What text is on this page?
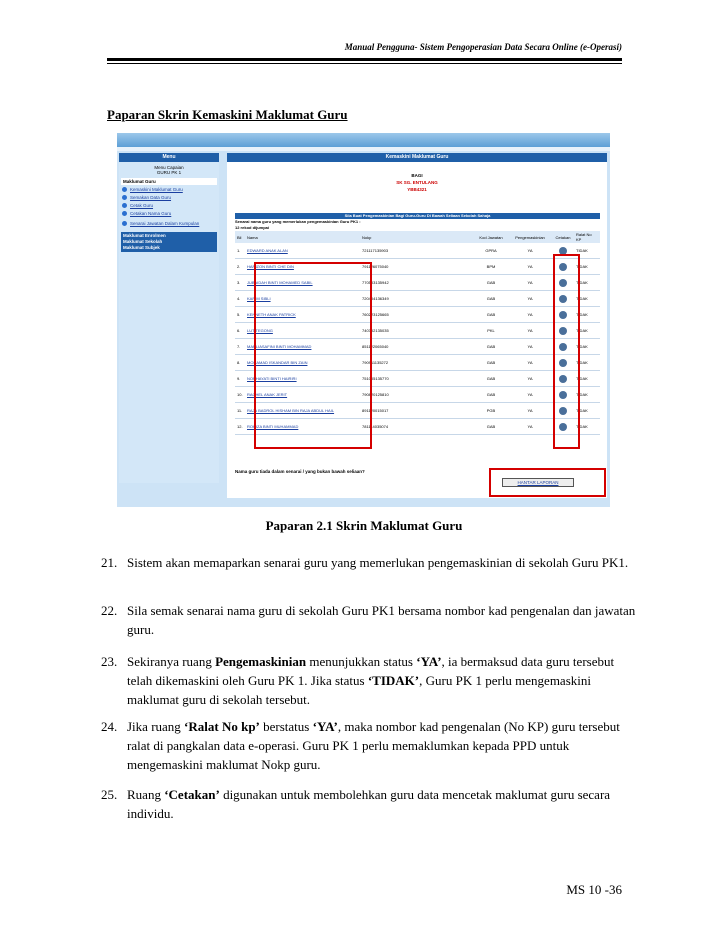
Manual Pengguna- Sistem Pengoperasian Data Secara Online (e-Operasi)
Paparan Skrin Kemaskini Maklumat Guru
Menu
Menu Capaian
GURU PK 1
Maklumat Guru
Kemaskini Maklumat Guru
Semakan Data Guru
Cetak Guru
Cetakan Nama Guru
Senarai Jawatan Dalam Kumpulan
Maklumat Enrolmen
Maklumat Sekolah
Maklumat Subjek
Kemaskini Maklumat Guru
BAGI
SK SG. ENTULANG
YBB4321
Sila Buat Pengemaskinian Bagi Guru-Guru Di Bawah Seliaan Sekolah Sahaja
Senarai nama guru yang memerlukan pengemaskinian Guru PK1 :
12 rekod dijumpai
Bil	Nama	Nokp	Kod Jawatan	Pengemaskinian	Cetakan	Ralat No KP
1.	EDWARD ANAK ALAN	721117135903	GPRA	YA	TIDAK
2.	HARIZON BINTI CHE DIN	791126075040	BPM	YA	TIDAK
3.	JUBAIDAH BINTI MOHAMED SABIL	770503135942	GAB	YA	TIDAK
4.	KARIM SIBLI	720404136349	GAB	YA	TIDAK
5.	KENNETH ANAK PATRICK	760223125665	GAB	YA	TIDAK
6.	LUT TEGONG	740702135035	PKL	YA	TIDAK
7.	MARLIASAFINI BINTI MOHAMMAD	851122065040	GAB	YA	TIDAK
8.	MOHAMAD ISKANDAR BIN ZAIN	790911135272	GAB	YA	TIDAK
9.	NORHAYATI BINTI HAIRIRI	751005135770	GAB	YA	TIDAK
10.	RACHEL ANAK JERIT	790820125810	GAB	YA	TIDAK
11.	RAJA BADROL HISHAM BIN RAJA ABDUL HAIL	891120015017	PGB	YA	TIDAK
12.	ROHIZA BINTI MUHAMMAD	781114035074	GAB	YA	TIDAK
Nama guru tiada dalam senarai / yang bukan bawah seliaan?
HANTAR LAPORAN
Paparan 2.1 Skrin Maklumat Guru
21. Sistem akan memaparkan senarai guru yang memerlukan pengemaskinian di sekolah Guru PK1.
22. Sila semak senarai nama guru di sekolah Guru PK1 bersama nombor kad pengenalan dan jawatan guru.
23. Sekiranya ruang Pengemaskinian menunjukkan status ‘YA’, ia bermaksud data guru tersebut telah dikemaskini oleh Guru PK 1. Jika status ‘TIDAK’, Guru PK 1 perlu mengemaskini maklumat guru di sekolah tersebut.
24. Jika ruang ‘Ralat No kp’ berstatus ‘YA’, maka nombor kad pengenalan (No KP) guru tersebut ralat di pangkalan data e-operasi. Guru PK 1 perlu memaklumkan kepada PPD untuk mengemaskini maklumat Nokp guru.
25. Ruang ‘Cetakan’ digunakan untuk membolehkan guru data mencetak maklumat guru secara individu.
MS 10 -36
